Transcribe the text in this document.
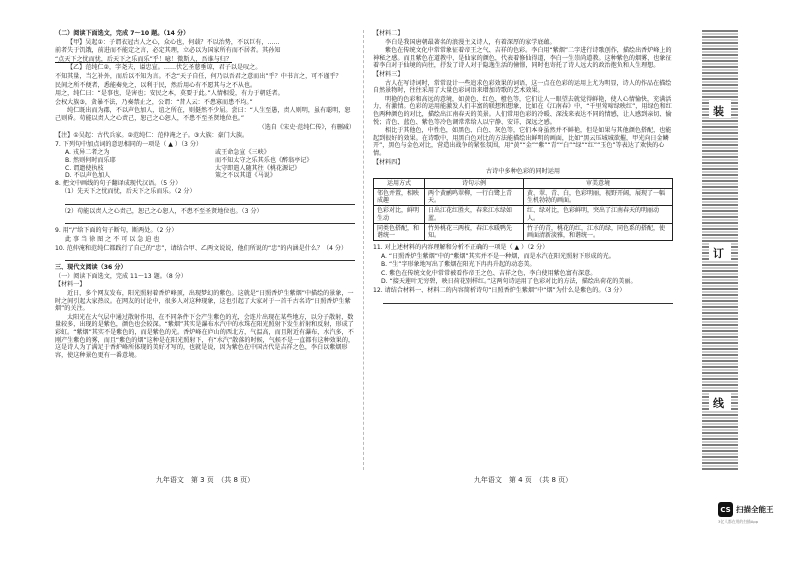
（二）阅读下面选文，完成 7～10 题。（14 分）
【甲】吴起①：子谓衣冠古人之心，众心也，何载？不以治势，不以巨有，……
前者失于饥饿，前进而不能定之言，必定其理，立必以为国家所有而不居者。其孙知
“点天下之忧而忧，后天下之乐而乐”乎！噫！微斯人，吾谁与归？
【乙】范纯仁②，字尧夫，谥忠宣。……伏乞圣慈垂谅，君子以是叹之。
不知其量，当乞补外，而后以不知为言。不念“天子自任，何乃以吾君之意而出”乎？中书言之，可不谨乎？
民间之所不便者，悉能奏免之，以利于民，然后用心有不愿其与之不从也。
用之，纯仁曰：“是事也，是害也；安民之本，莫要于此。”人情相爱，有力于朝廷者。
会权大族③，贪暴不法，乃奏禁止之，公谓：“昔人云：不患寡而患不均。”
纯仁既出而为郡，不以声色加人，谊之所在，则挺然不少屈。尝曰：“人生至愚，责人则明，虽有聪明，恕己则昏。苟能以责人之心责己，恕己之心恕人，不患不至圣贤地位也。”
（选自《宋史·范纯仁传》，有删减）
【注】①吴起：古代兵家。②范纯仁：范仲淹之子。③大族：豪门大族。
7. 下列句中加点词的意思相同的一项是（ ▲ ）（3 分）
A. 戎异二者之为	或王命急宣《三峡》
B. 然则何时而乐耶	而不知太守之乐其乐也《醉翁亭记》
C. 谓遗使执枝	太守即遣人随其往《桃花源记》
D. 不以声色加人	策之不以其道《马说》
8. 把文中画线的句子翻译成现代汉语。（5 分）
（1）先天下之忧而忧，后天下之乐而乐。（2 分）
（2）苟能以责人之心责己，恕己之心恕人，不患不至圣贤地位也。（3 分）
9. 用“/”给下面的句子断句，断两处。（2 分）
此 事 当 徐 图 之 不 可 以 急 迫 也
10. 范仲淹和范纯仁都践行了自己的“忠”，请结合甲、乙两文说说，他们所说的“忠”的内涵是什么？（4 分）
三、现代文阅读（36 分）
（一）阅读下面选文，完成 11～13 题。（8 分）
【材料一】
近日，多个网友发布，阳光照射着香炉峰顶，出现梦幻的紫色。这就是“日照香炉生紫烟”中描绘的景象，一时之间引起大家热议。在网友的讨论中，很多人对这种现象，这也引起了大家对于一首千古名诗“日照香炉生紫烟”的关注。
太阳光在大气层中通过散射作用，在不同条件下会产生紫色的光，会连片出现在某些地方，以分子散射，数量较多，出现的是紫色，颜色也会较深。“紫烟”其实是瀑布水汽中的水珠在阳光照射下发生折射和反射，形成了彩虹。“紫烟”其实不是紫色的，而是紫色的光。香炉峰在庐山的西北方，气温高，而且附近有瀑布，水汽多，不刚产生紫色的雾，而且“紫色的烟”这种是在阳光照射下，有“水汽”散落的时候，气候不是一直都有这种效果的，这是诗人为了满足于香炉峰所体现的美好才写的，也就是说，因为紫色在中国古代是吉祥之色，李白以紫烟形容，使这种景色更有一番意境。
九年语文　第 3 页　（共 8 页）
【材料二】
李白是我国唐朝最著名的浪漫主义诗人，有着深厚的家学底蕴。
紫色在传统文化中常常象征着帝王之气、吉祥的色彩。李白用“紫烟”二字进行诗歌创作，描绘出香炉峰上的神秘之感。而且紫色在道教中，是仙家的颜色，代表着修仙得道，李白一生崇尚道教。这种紫色的烟雾，也象征着李白对于仙境的向往，抒发了诗人对于隐逸生活的憧憬，同时也寄托了诗人远大的政治抱负和人生理想。
【材料三】
古人在写诗词时，常常设计一些追求色彩效果的词语，这一点在色彩的运用上尤为明显，诗人的作品在描绘自然景物时，往往采用了大量色彩词语来增加诗歌的艺术效果。
明艳的色彩和高远的意境，如黄色、红色、橙色等，它们让人一眼望去就觉得鲜艳，使人心情愉快，充满活力，有激情。色彩的运用能激发人们丰富的联想和想象，比如在《江南春》中，“千里莺啼绿映红”，用绿色和红色两种颜色的对比，描绘出江南春天的美景。人们常用色彩的冷暖、深浅来表达不同的情感，让人感到亲切、愉悦；青色、蓝色、紫色等冷色调常常给人以宁静、安详、深远之感。
相比于其他色，中性色，如黑色、白色、灰色等，它们本身虽然并不鲜艳，但是如果与其他颜色搭配，也能起到很好的效果。在诗歌中，用黑白色对比的方法能描绘出鲜明的画面，比如“黑云压城城欲摧，甲光向日金鳞开”，黑色与金色对比，营造出战争的紧张氛围，用“黄”“金”“紫”“青”“白”“绿”“红”“玉色”等表达了欢快的心情。
【材料四】
古诗中多种色彩的同时运用
运用方式	诗句示例	审美意境
邻色并置，相映成趣	两个黄鹂鸣翠柳，一行白鹭上青天。	黄、翠、青、白，色彩明丽，视野开阔，展现了一幅生机勃勃的画面。
色彩对比，鲜明生动	日出江花红胜火，春来江水绿如蓝。	红、绿对比，色彩鲜明，突出了江南春天的明丽动人。
同类色搭配，和谐统一	竹外桃花三两枝，春江水暖鸭先知。	竹子的青，桃花的红，江水的绿，同色系的搭配，使画面清新淡雅，和谐统一。
11. 对上述材料的内容理解和分析不正确的一项是（ ▲ ）（2 分）
A. “日照香炉生紫烟”中的“紫烟”其实并不是一种烟，而是水汽在阳光照射下形成的光。
B. “生”字形象地写出了紫烟在阳光下冉冉升起的动态美。
C. 紫色在传统文化中常常被看作帝王之色、吉祥之色，李白使用紫色富有深意。
D. “接天莲叶无穷碧，映日荷花别样红。”这两句诗运用了色彩对比的方法，描绘出荷花的美丽。
12. 请结合材料一、材料二的内容简析诗句“日照香炉生紫烟”中“烟”为什么是紫色的。（3 分）
九年语文　第 4 页　（共 8 页）
装
订
线
CS 扫描全能王
3亿人都在用的扫描App
